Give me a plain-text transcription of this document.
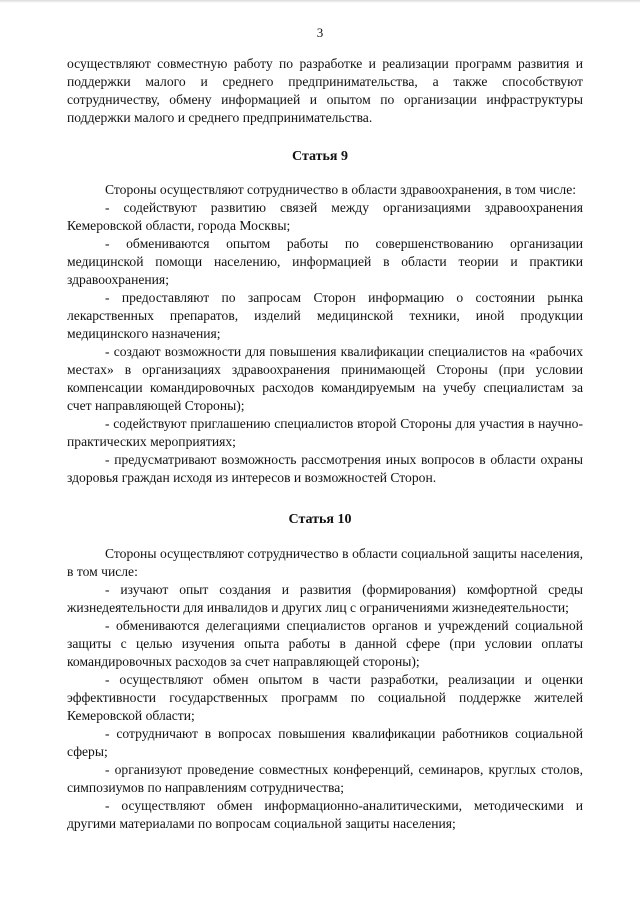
3

осуществляют совместную работу по разработке и реализации программ развития и поддержки малого и среднего предпринимательства, а также способствуют сотрудничеству, обмену информацией и опытом по организации инфраструктуры поддержки малого и среднего предпринимательства.

Статья 9

Стороны осуществляют сотрудничество в области здравоохранения, в том числе:

- содействуют развитию связей между организациями здравоохранения Кемеровской области, города Москвы;

- обмениваются опытом работы по совершенствованию организации медицинской помощи населению, информацией в области теории и практики здравоохранения;

- предоставляют по запросам Сторон информацию о состоянии рынка лекарственных препаратов, изделий медицинской техники, иной продукции медицинского назначения;

- создают возможности для повышения квалификации специалистов на «рабочих местах» в организациях здравоохранения принимающей Стороны (при условии компенсации командировочных расходов командируемым на учебу специалистам за счет направляющей Стороны);

- содействуют приглашению специалистов второй Стороны для участия в научно-практических мероприятиях;

- предусматривают возможность рассмотрения иных вопросов в области охраны здоровья граждан исходя из интересов и возможностей Сторон.

Статья 10

Стороны осуществляют сотрудничество в области социальной защиты населения, в том числе:

- изучают опыт создания и развития (формирования) комфортной среды жизнедеятельности для инвалидов и других лиц с ограничениями жизнедеятельности;

- обмениваются делегациями специалистов органов и учреждений социальной защиты с целью изучения опыта работы в данной сфере (при условии оплаты командировочных расходов за счет направляющей стороны);

- осуществляют обмен опытом в части разработки, реализации и оценки эффективности государственных программ по социальной поддержке жителей Кемеровской области;

- сотрудничают в вопросах повышения квалификации работников социальной сферы;

- организуют проведение совместных конференций, семинаров, круглых столов, симпозиумов по направлениям сотрудничества;

- осуществляют обмен информационно-аналитическими, методическими и другими материалами по вопросам социальной защиты населения;
